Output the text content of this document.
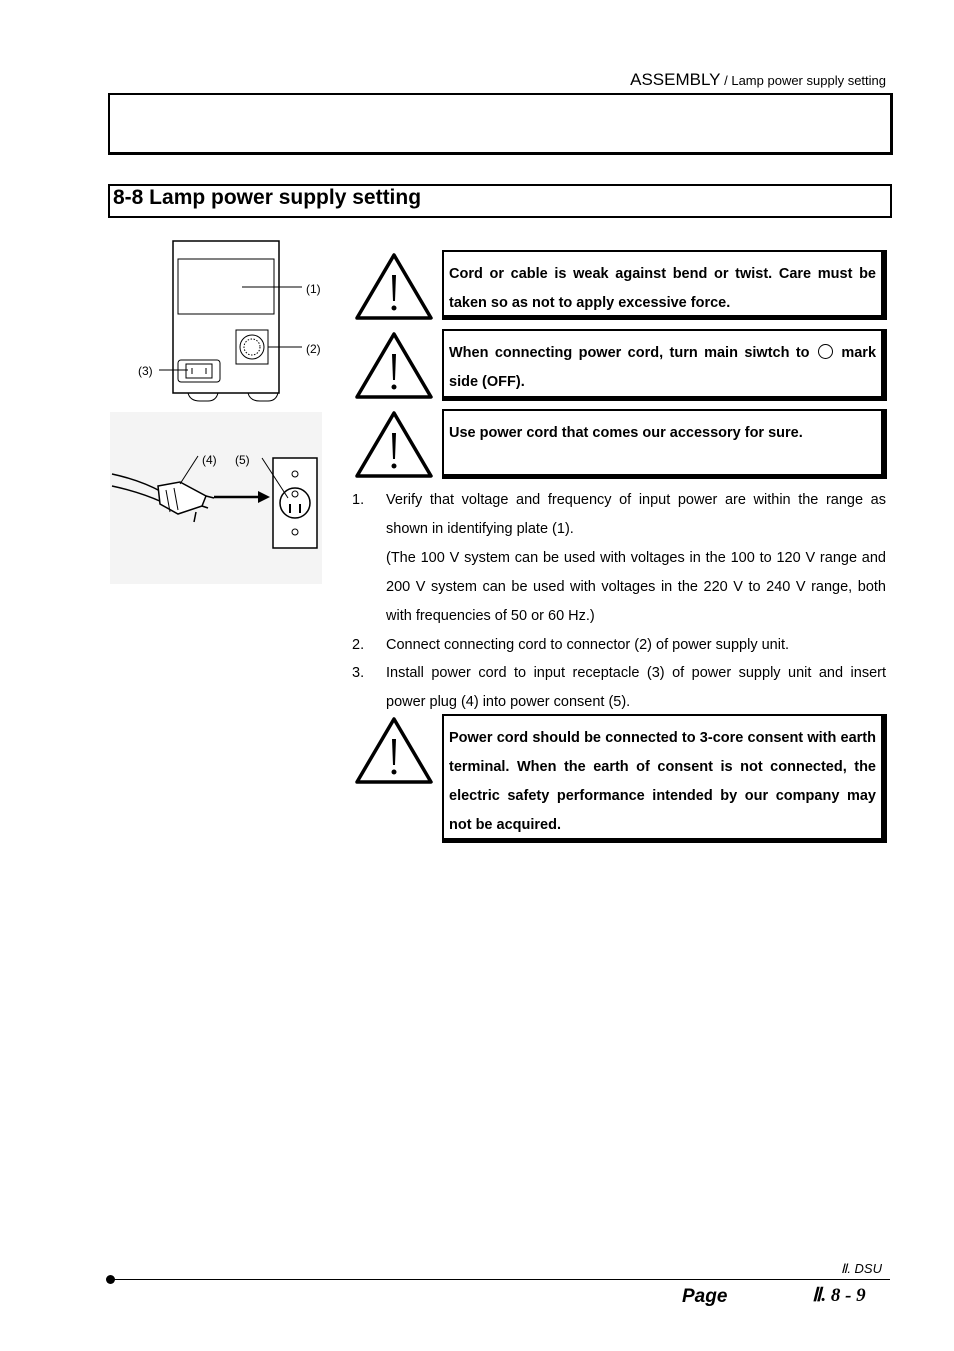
ASSEMBLY / Lamp power supply setting
8-8 Lamp power supply setting
(1)
(2)
(3)
(4) (5)
Cord or cable is weak against bend or twist. Care must be taken so as not to apply excessive force.
When connecting power cord, turn main siwtch to ○ mark side (OFF).
Use power cord that comes our accessory for sure.
1. Verify that voltage and frequency of input power are within the range as shown in identifying plate (1).
(The 100 V system can be used with voltages in the 100 to 120 V range and 200 V system can be used with voltages in the 220 V to 240 V range, both with frequencies of 50 or 60 Hz.)
2. Connect connecting cord to connector (2) of power supply unit.
3. Install power cord to input receptacle (3) of power supply unit and insert power plug (4) into power consent (5).
Power cord should be connected to 3-core consent with earth terminal. When the earth of consent is not connected, the electric safety performance intended by our company may not be acquired.
Ⅱ. DSU
Page	Ⅱ. 8 - 9
